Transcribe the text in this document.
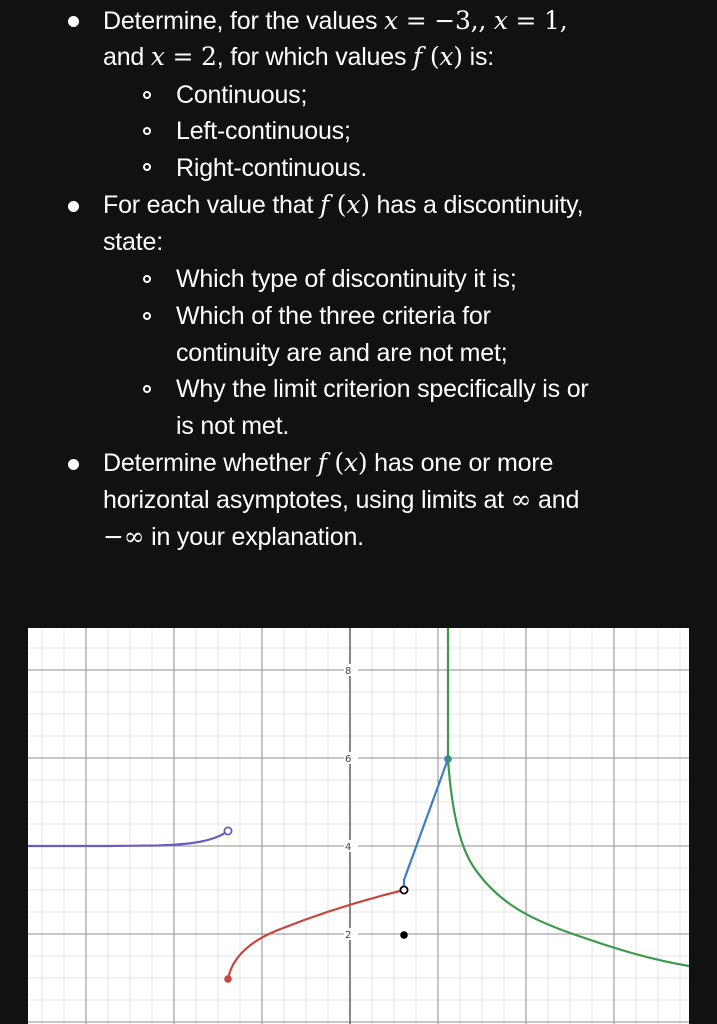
Determine, for the values x = −3,, x = 1,
and x = 2, for which values f (x) is:
Continuous;
Left-continuous;
Right-continuous.
For each value that f (x) has a discontinuity,
state:
Which type of discontinuity it is;
Which of the three criteria for
continuity are and are not met;
Why the limit criterion specifically is or
is not met.
Determine whether f (x) has one or more
horizontal asymptotes, using limits at ∞ and
−∞ in your explanation.
8
6
4
2
